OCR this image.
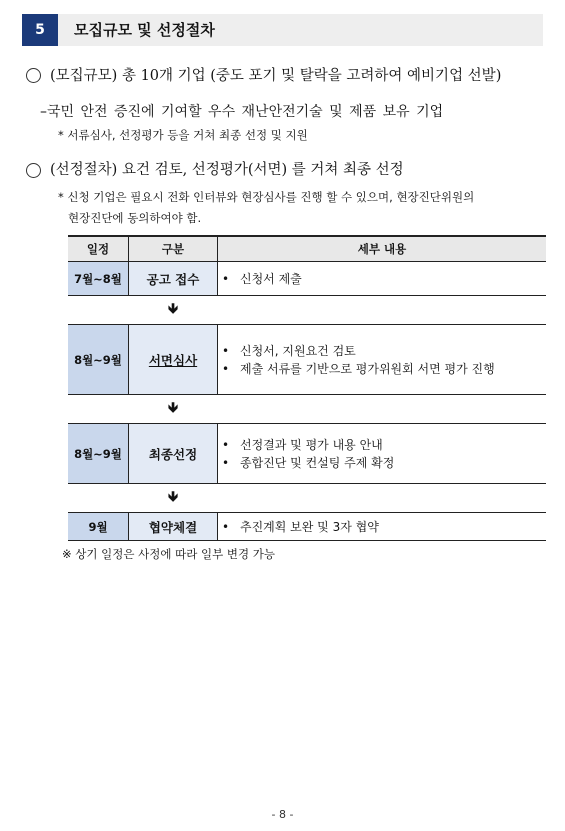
5	모집규모 및 선정절차
(모집규모) 총 10개 기업 (중도 포기 및 탈락을 고려하여 예비기업 선발)
–국민 안전 증진에 기여할 우수 재난안전기술 및 제품 보유 기업
* 서류심사, 선정평가 등을 거쳐 최종 선정 및 지원
(선정절차) 요건 검토, 선정평가(서면) 를 거쳐 최종 선정
* 신청 기업은 필요시 전화 인터뷰와 현장심사를 진행 할 수 있으며, 현장진단위원의
현장진단에 동의하여야 함.
일정	구분	세부 내용
7월~8월	공고 접수	• 신청서 제출

	🡻	
8월~9월	서면심사	• 신청서, 지원요건 검토
• 제출 서류를 기반으로 평가위원회 서면 평가 진행

	🡻	
8월~9월	최종선정	• 선정결과 및 평가 내용 안내
• 종합진단 및 컨설팅 주제 확정

	🡻	
9월	협약체결	• 추진계획 보완 및 3자 협약
※ 상기 일정은 사정에 따라 일부 변경 가능
- 8 -
